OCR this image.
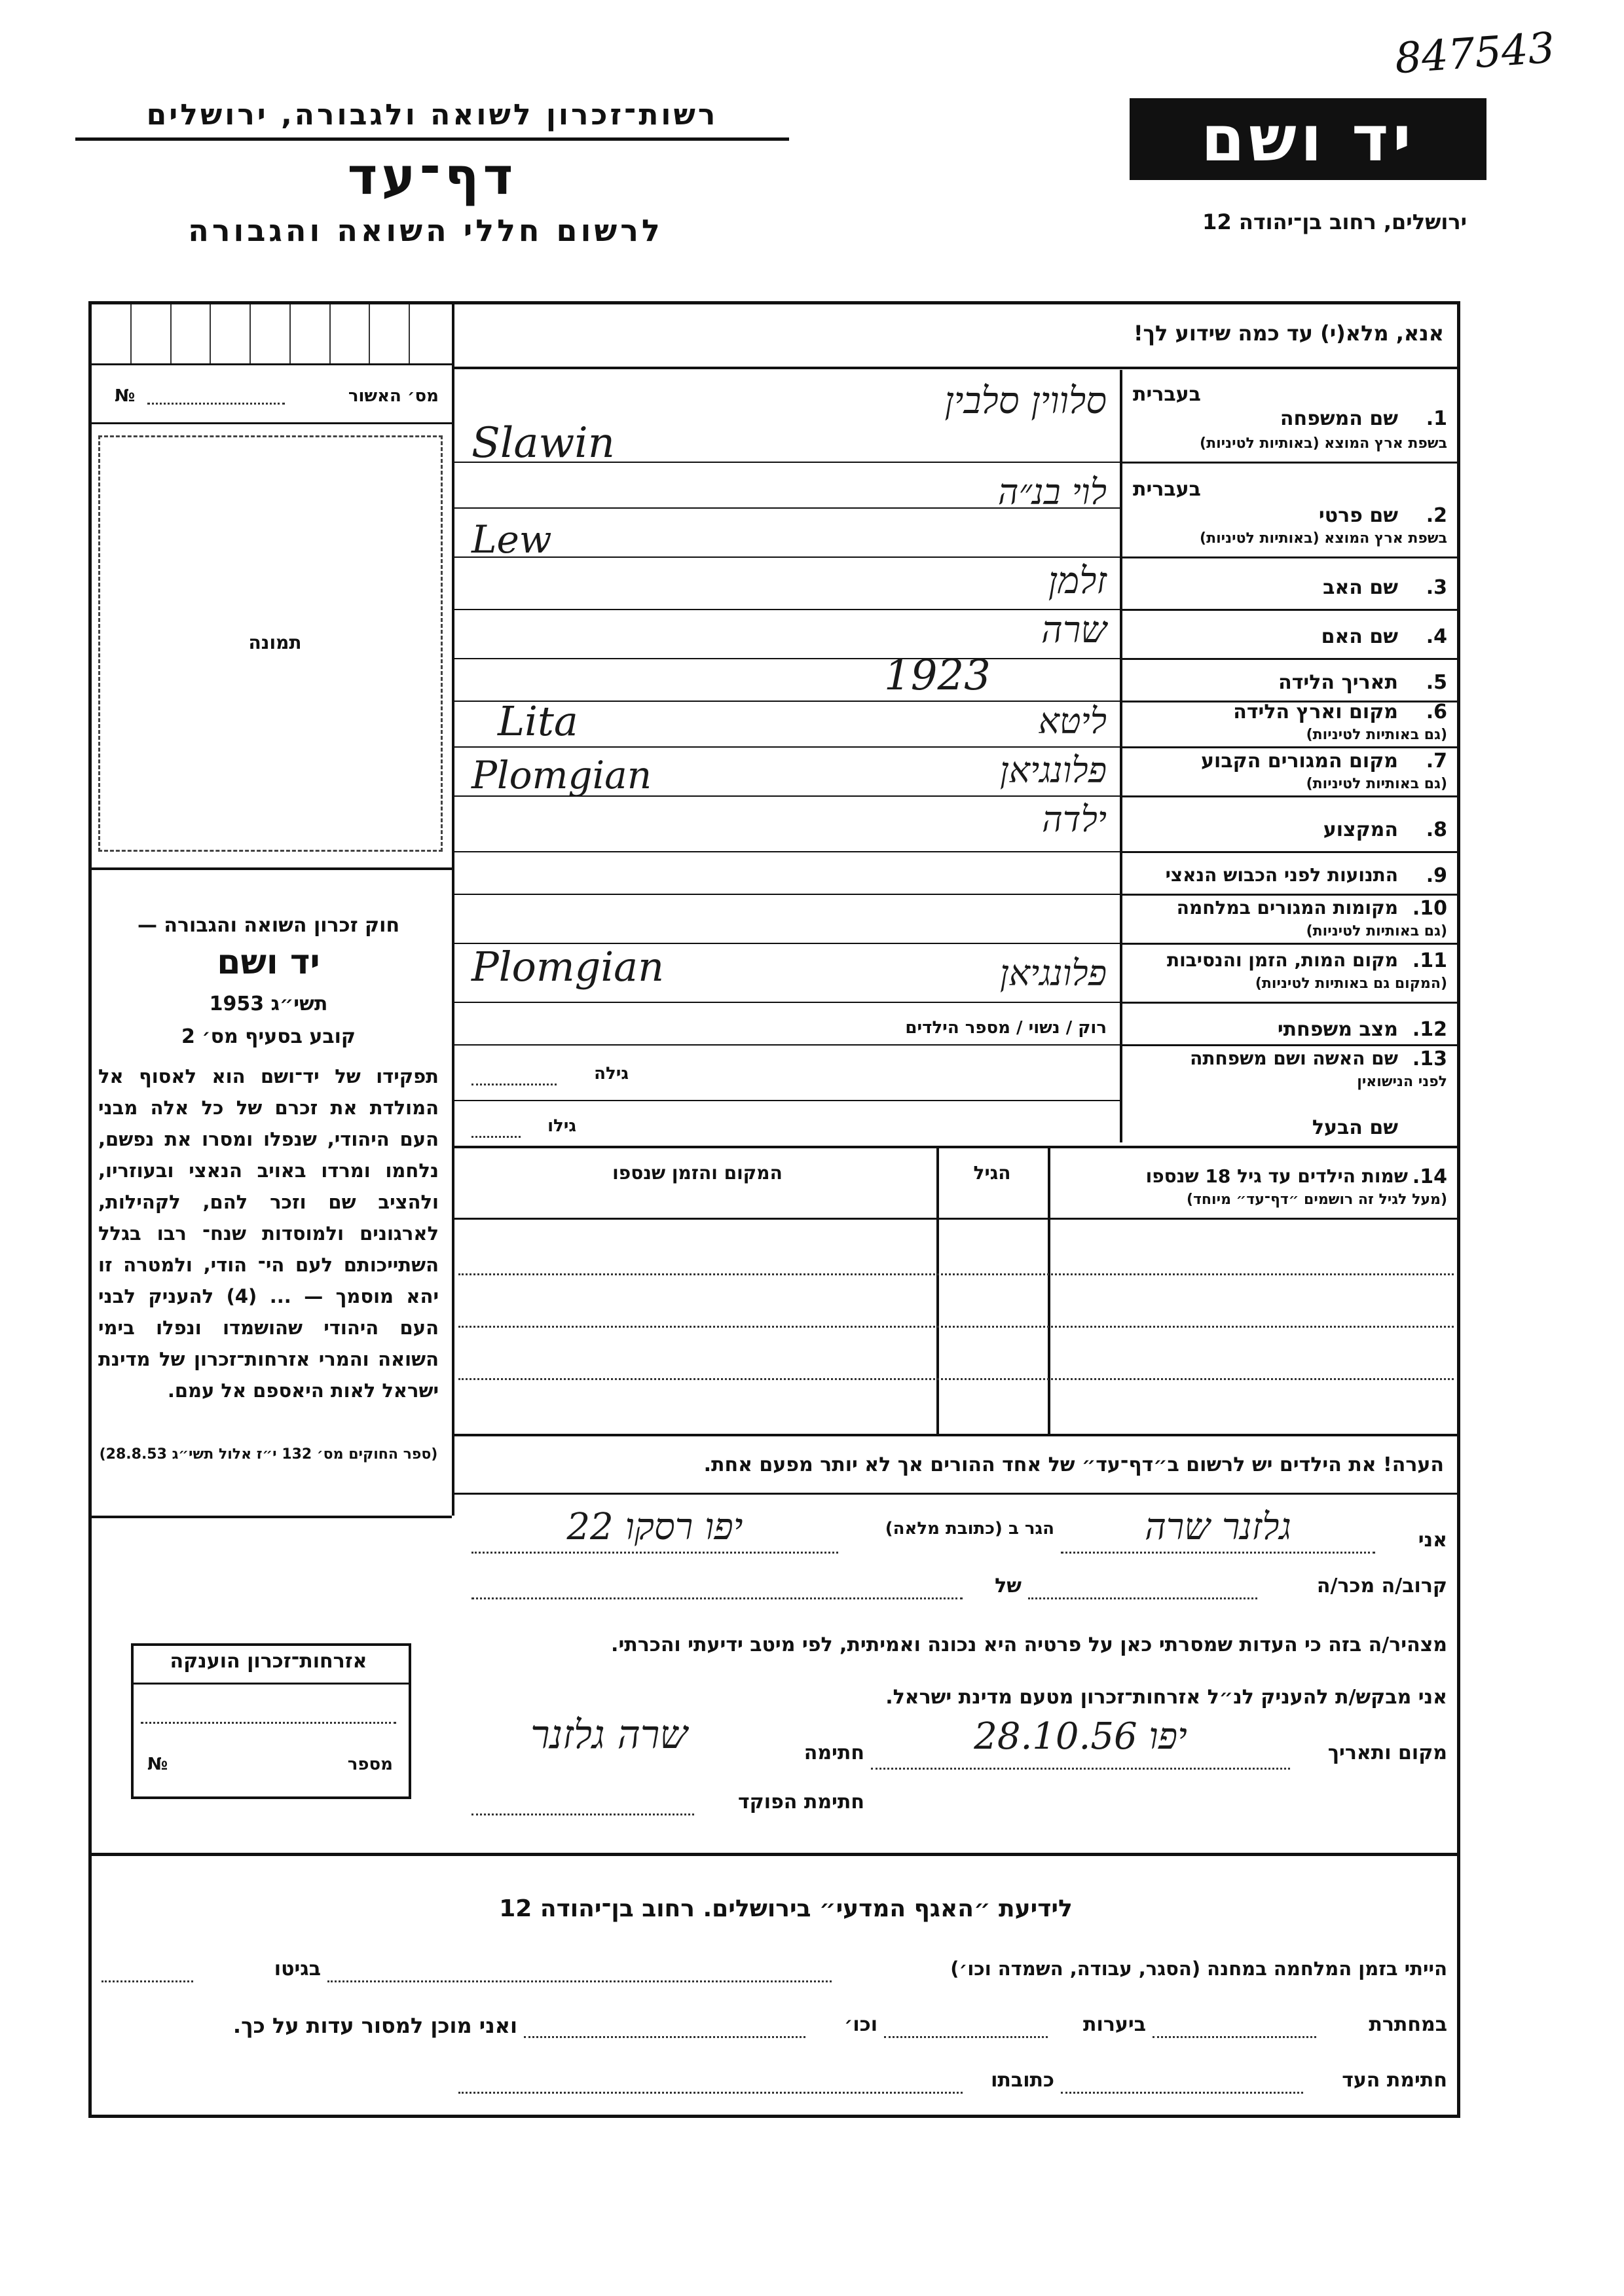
רשות־זכרון לשואה ולגבורה, ירושלים
דף־עד
לרשום חללי השואה והגבורה
847543
יד ושם
ירושלים, רחוב בן־יהודה 12
אנא, מלא(י) עד כמה שידוע לך!
מס׳ האשור
№
תמונה
בעברית
1.
שם המשפחה
בשפת ארץ המוצא (באותיות לטיניות)
בעברית
2.
שם פרטי
בשפת ארץ המוצא (באותיות לטיניות)
3.
שם האב
4.
שם האם
5.
תאריך הלידה
6.
מקום וארץ הלידה
(גם באותיות לטיניות)
7.
מקום המגורים הקבוע
(גם באותיות לטיניות)
8.
המקצוע
9.
התנועות לפני הכבוש הנאצי
10.
מקומות המגורים במלחמה
(גם באותיות לטיניות)
11.
מקום המות, הזמן והנסיבות
(המקום גם באותיות לטיניות)
12.
מצב משפחתי
13.
שם האשה ושם משפחתה
לפני הנישואין
שם הבעל
סלווין סלבין
Slawin
לוי בנ״ה
Lew
זלמן
שרה
1923
ליטא
Lita
פלונגיאן
Plomgian
ילדה
פלונגיאן
Plomgian
רוק / נשוי / מספר הילדים
גילה
גילו
14.
שמות הילדים עד גיל 18 שנספו
(מעל לגיל זה רושמים ״דף־עד״ מיוחד)
הגיל
המקום והזמן שנספו
חוק זכרון השואה והגבורה —
יד ושם
תשי״ג 1953
קובע בסעיף מס׳ 2
תפקידו של יד־ושם הוא לאסוף אל המולדת את זכרם של כל אלה מבני העם היהודי, שנפלו ומסרו את נפשם, נלחמו ומרדו באויב הנאצי ובעוזריו, ולהציב שם וזכר להם, לקהילות, לארגונים ולמוסדות שנח־ רבו בגלל השתייכותם לעם הי־ הודי, ולמטרה זו יהא מוסמך — ... (4) להעניק לבני העם היהודי שהושמדו ונפלו בימי השואה והמרי אזרחות־זכרון של מדינת ישראל לאות היאספם אל עמם.
(ספר החוקים מס׳ 132 י״ז אלול תשי״ג 28.8.53)
אזרחות־זכרון הוענקה
מספר
№
הערה! את הילדים יש לרשום ב״דף־עד״ של אחד ההורים אך לא יותר מפעם אחת.
אני
גלזנר שרה
הגר ב (כתובת מלאה)
יפו רסקו 22
קרוב/ה מכר/ה
של
מצהיר/ה בזה כי העדות שמסרתי כאן על פרטיה היא נכונה ואמיתית, לפי מיטב ידיעתי והכרתי.
אני מבקש/ת להעניק לנ״ל אזרחות־זכרון מטעם מדינת ישראל.
מקום ותאריך
יפו 28.10.56
חתימה
שרה גלזנר
חתימת הפוקד
לידיעת ״האגף המדעי״ בירושלים. רחוב בן־יהודה 12
הייתי בזמן המלחמה במחנה (הסגר, עבודה, השמדה וכו׳)
בגיטו
במחתרת
ביערות
וכו׳
ואני מוכן למסור עדות על כך.
חתימת העד
כתובתו
